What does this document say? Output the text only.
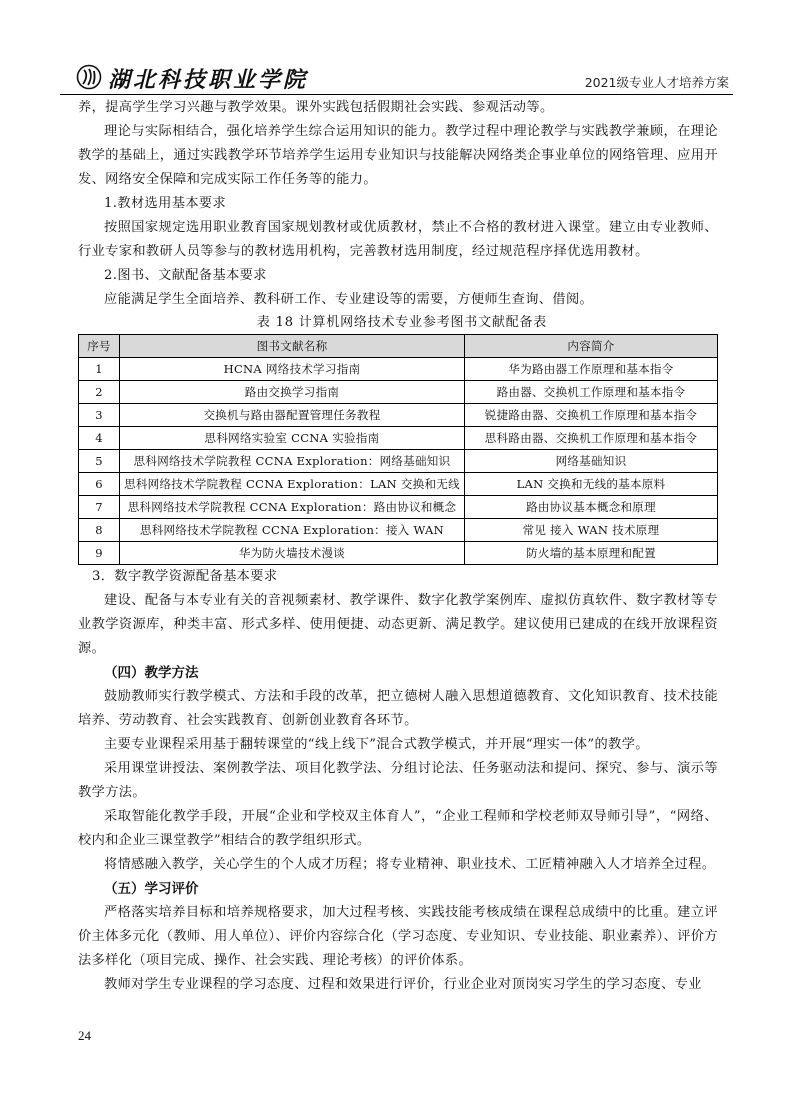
湖北科技职业学院	2021级专业人才培养方案

养，提高学生学习兴趣与教学效果。课外实践包括假期社会实践、参观活动等。

理论与实际相结合，强化培养学生综合运用知识的能力。教学过程中理论教学与实践教学兼顾，在理论教学的基础上，通过实践教学环节培养学生运用专业知识与技能解决网络类企事业单位的网络管理、应用开发、网络安全保障和完成实际工作任务等的能力。

1.教材选用基本要求

按照国家规定选用职业教育国家规划教材或优质教材，禁止不合格的教材进入课堂。建立由专业教师、行业专家和教研人员等参与的教材选用机构，完善教材选用制度，经过规范程序择优选用教材。

2.图书、文献配备基本要求

应能满足学生全面培养、教科研工作、专业建设等的需要，方便师生查询、借阅。

表 18 计算机网络技术专业参考图书文献配备表
序号	图书文献名称	内容简介
1	HCNA 网络技术学习指南	华为路由器工作原理和基本指令
2	路由交换学习指南	路由器、交换机工作原理和基本指令
3	交换机与路由器配置管理任务教程	锐捷路由器、交换机工作原理和基本指令
4	思科网络实验室 CCNA 实验指南	思科路由器、交换机工作原理和基本指令
5	思科网络技术学院教程 CCNA Exploration：网络基础知识	网络基础知识
6	思科网络技术学院教程 CCNA Exploration：LAN 交换和无线	LAN 交换和无线的基本原料
7	思科网络技术学院教程 CCNA Exploration：路由协议和概念	路由协议基本概念和原理
8	思科网络技术学院教程 CCNA Exploration：接入 WAN	常见 接入 WAN 技术原理
9	华为防火墙技术漫谈	防火墙的基本原理和配置

3．数字教学资源配备基本要求

建设、配备与本专业有关的音视频素材、教学课件、数字化教学案例库、虚拟仿真软件、数字教材等专业教学资源库，种类丰富、形式多样、使用便捷、动态更新、满足教学。建议使用已建成的在线开放课程资源。

（四）教学方法

鼓励教师实行教学模式、方法和手段的改革，把立德树人融入思想道德教育、文化知识教育、技术技能培养、劳动教育、社会实践教育、创新创业教育各环节。

主要专业课程采用基于翻转课堂的“线上线下”混合式教学模式，并开展“理实一体”的教学。

采用课堂讲授法、案例教学法、项目化教学法、分组讨论法、任务驱动法和提问、探究、参与、演示等教学方法。

采取智能化教学手段，开展“企业和学校双主体育人”，“企业工程师和学校老师双导师引导”，“网络、校内和企业三课堂教学”相结合的教学组织形式。

将情感融入教学，关心学生的个人成才历程；将专业精神、职业技术、工匠精神融入人才培养全过程。

（五）学习评价

严格落实培养目标和培养规格要求，加大过程考核、实践技能考核成绩在课程总成绩中的比重。建立评价主体多元化（教师、用人单位）、评价内容综合化（学习态度、专业知识、专业技能、职业素养）、评价方法多样化（项目完成、操作、社会实践、理论考核）的评价体系。

教师对学生专业课程的学习态度、过程和效果进行评价，行业企业对顶岗实习学生的学习态度、专业

24
